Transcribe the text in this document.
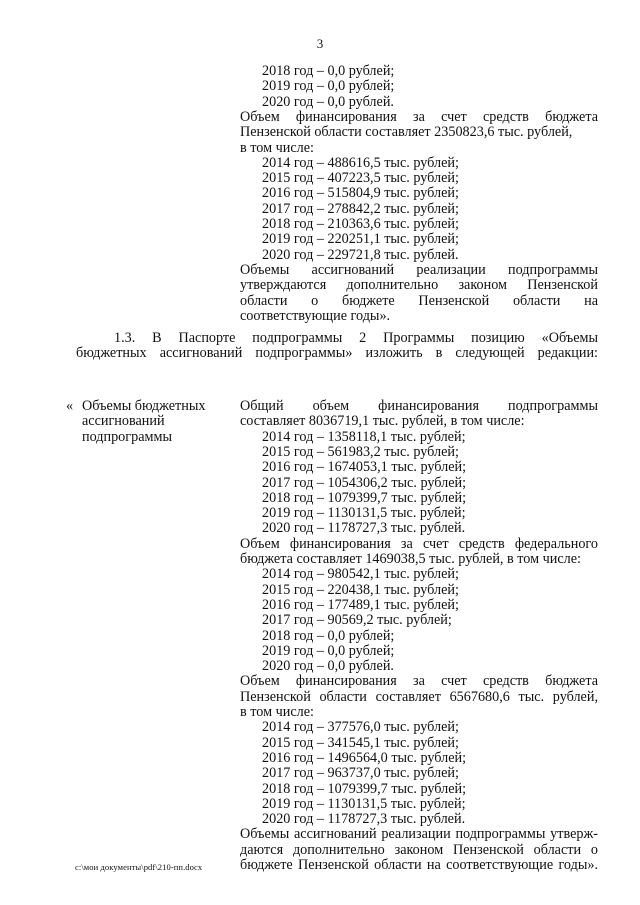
3
2018 год – 0,0 рублей;
2019 год – 0,0 рублей;
2020 год – 0,0 рублей.
Объем финансирования за счет средств бюджета
Пензенской области составляет 2350823,6 тыс. рублей,
в том числе:
2014 год – 488616,5 тыс. рублей;
2015 год – 407223,5 тыс. рублей;
2016 год – 515804,9 тыс. рублей;
2017 год – 278842,2 тыс. рублей;
2018 год – 210363,6 тыс. рублей;
2019 год – 220251,1 тыс. рублей;
2020 год – 229721,8 тыс. рублей.
Объемы ассигнований реализации подпрограммы
утверждаются дополнительно законом Пензенской
области о бюджете Пензенской области на
соответствующие годы».
1.3. В Паспорте подпрограммы 2 Программы позицию «Объемы
бюджетных ассигнований подпрограммы» изложить в следующей редакции:
« Объемы бюджетных
ассигнований
подпрограммы
c:\мои документы\pdf\210-пп.docx
Общий объем финансирования подпрограммы
составляет 8036719,1 тыс. рублей, в том числе:
2014 год – 1358118,1 тыс. рублей;
2015 год – 561983,2 тыс. рублей;
2016 год – 1674053,1 тыс. рублей;
2017 год – 1054306,2 тыс. рублей;
2018 год – 1079399,7 тыс. рублей;
2019 год – 1130131,5 тыс. рублей;
2020 год – 1178727,3 тыс. рублей.
Объем финансирования за счет средств федерального
бюджета составляет 1469038,5 тыс. рублей, в том числе:
2014 год – 980542,1 тыс. рублей;
2015 год – 220438,1 тыс. рублей;
2016 год – 177489,1 тыс. рублей;
2017 год – 90569,2 тыс. рублей;
2018 год – 0,0 рублей;
2019 год – 0,0 рублей;
2020 год – 0,0 рублей.
Объем финансирования за счет средств бюджета
Пензенской области составляет 6567680,6 тыс. рублей,
в том числе:
2014 год – 377576,0 тыс. рублей;
2015 год – 341545,1 тыс. рублей;
2016 год – 1496564,0 тыс. рублей;
2017 год – 963737,0 тыс. рублей;
2018 год – 1079399,7 тыс. рублей;
2019 год – 1130131,5 тыс. рублей;
2020 год – 1178727,3 тыс. рублей.
Объемы ассигнований реализации подпрограммы утверж-
даются дополнительно законом Пензенской области о
бюджете Пензенской области на соответствующие годы».
